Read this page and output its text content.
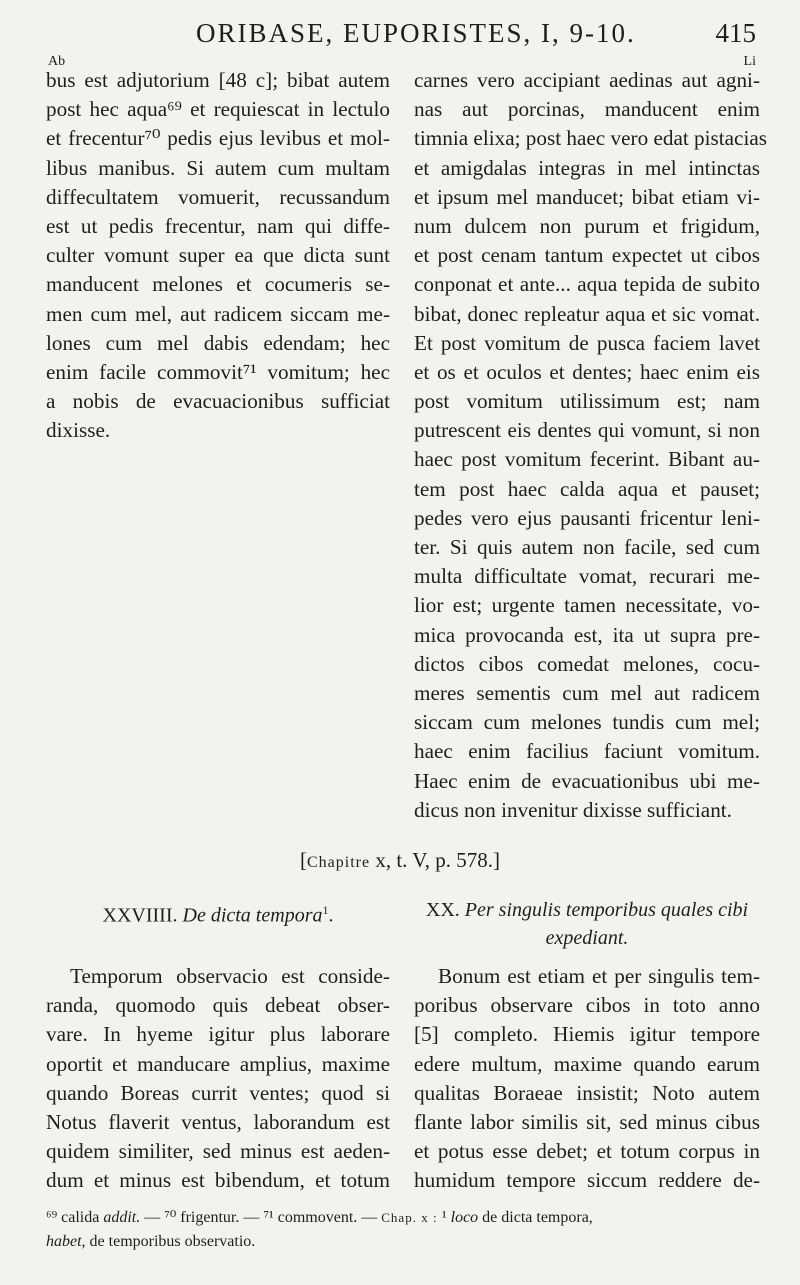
ORIBASE, EUPORISTES, I, 9-10.	415
Ab	Li
bus est adjutorium [48 c]; bibat autem
post hec aqua⁶⁹ et requiescat in lectulo
et frecentur⁷⁰ pedis ejus levibus et mol-
libus manibus. Si autem cum multam
diffecultatem vomuerit, recussandum
est ut pedis frecentur, nam qui diffe-
culter vomunt super ea que dicta sunt
manducent melones et cocumeris se-
men cum mel, aut radicem siccam me-
lones cum mel dabis edendam; hec
enim facile commovit⁷¹ vomitum; hec
a nobis de evacuacionibus sufficiat
dixisse.
carnes vero accipiant aedinas aut agni-
nas aut porcinas, manducent enim
timnia elixa; post haec vero edat pistacias
et amigdalas integras in mel intinctas
et ipsum mel manducet; bibat etiam vi-
num dulcem non purum et frigidum,
et post cenam tantum expectet ut cibos
conponat et ante... aqua tepida de subito
bibat, donec repleatur aqua et sic vomat.
Et post vomitum de pusca faciem lavet
et os et oculos et dentes; haec enim eis
post vomitum utilissimum est; nam
putrescent eis dentes qui vomunt, si non
haec post vomitum fecerint. Bibant au-
tem post haec calda aqua et pauset;
pedes vero ejus pausanti fricentur leni-
ter. Si quis autem non facile, sed cum
multa difficultate vomat, recurari me-
lior est; urgente tamen necessitate, vo-
mica provocanda est, ita ut supra pre-
dictos cibos comedat melones, cocu-
meres sementis cum mel aut radicem
siccam cum melones tundis cum mel;
haec enim facilius faciunt vomitum.
Haec enim de evacuationibus ubi me-
dicus non invenitur dixisse sufficiant.
[Chapitre x, t. V, p. 578.]
XXVIIII. De dicta tempora$^1$.	XX. Per singulis temporibus quales cibi
expediant.
Temporum observacio est conside-
randa, quomodo quis debeat obser-
vare. In hyeme igitur plus laborare
oportit et manducare amplius, maxime
quando Boreas currit ventes; quod si
Notus flaverit ventus, laborandum est
quidem similiter, sed minus est aeden-
dum et minus est bibendum, et totum
Bonum est etiam et per singulis tem-
poribus observare cibos in toto anno
[5] completo. Hiemis igitur tempore
edere multum, maxime quando earum
qualitas Boraeae insistit; Noto autem
flante labor similis sit, sed minus cibus
et potus esse debet; et totum corpus in
humidum tempore siccum reddere de-
⁶⁹ calida addit. — ⁷⁰ frigentur. — ⁷¹ commovent. — Chap. x : ¹ loco de dicta tempora,
habet, de temporibus observatio.
